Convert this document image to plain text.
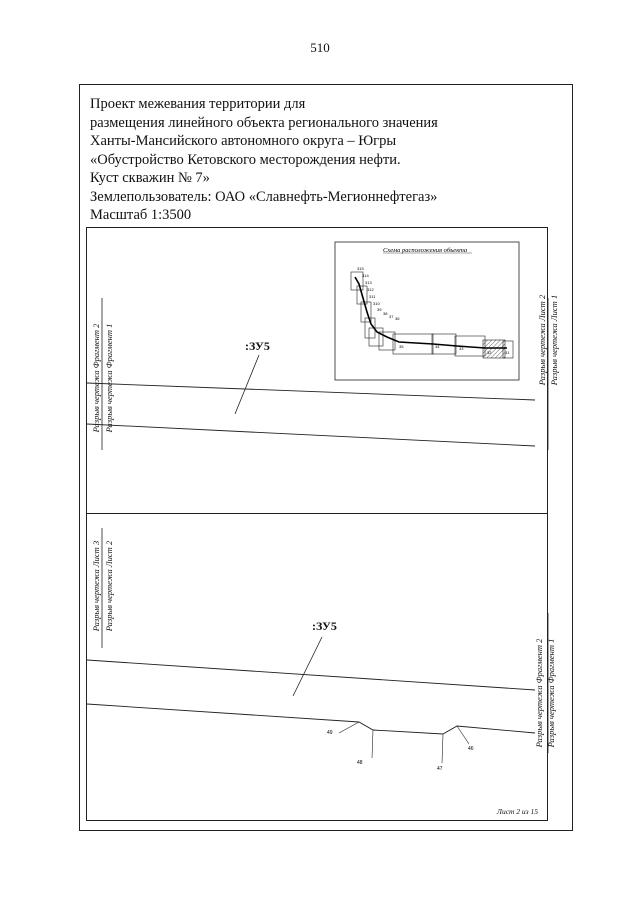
510
Проект межевания территории для
размещения линейного объекта регионального значения
Ханты-Мансийского автономного округа – Югры
«Обустройство Кетовского месторождения нефти.
Куст скважин № 7»
Землепользователь: ОАО «Славнефть-Мегионнефтегаз»
Масштаб 1:3500
Разрыв чертежа Фрагмент 2 Разрыв чертежа Фрагмент 1	Разрыв чертежа Лист 2 Разрыв чертежа Лист 1
Разрыв чертежа Лист 3 Разрыв чертежа Лист 2
Разрыв чертежа Фрагмент 2 Разрыв чертежа Фрагмент 1
:ЗУ5
:ЗУ5
49
48
47
46
Схема расположения объекта
315
314
313
312
311
310
39
38
37 36
35	34	33
32	31
Лист 2 из 15
